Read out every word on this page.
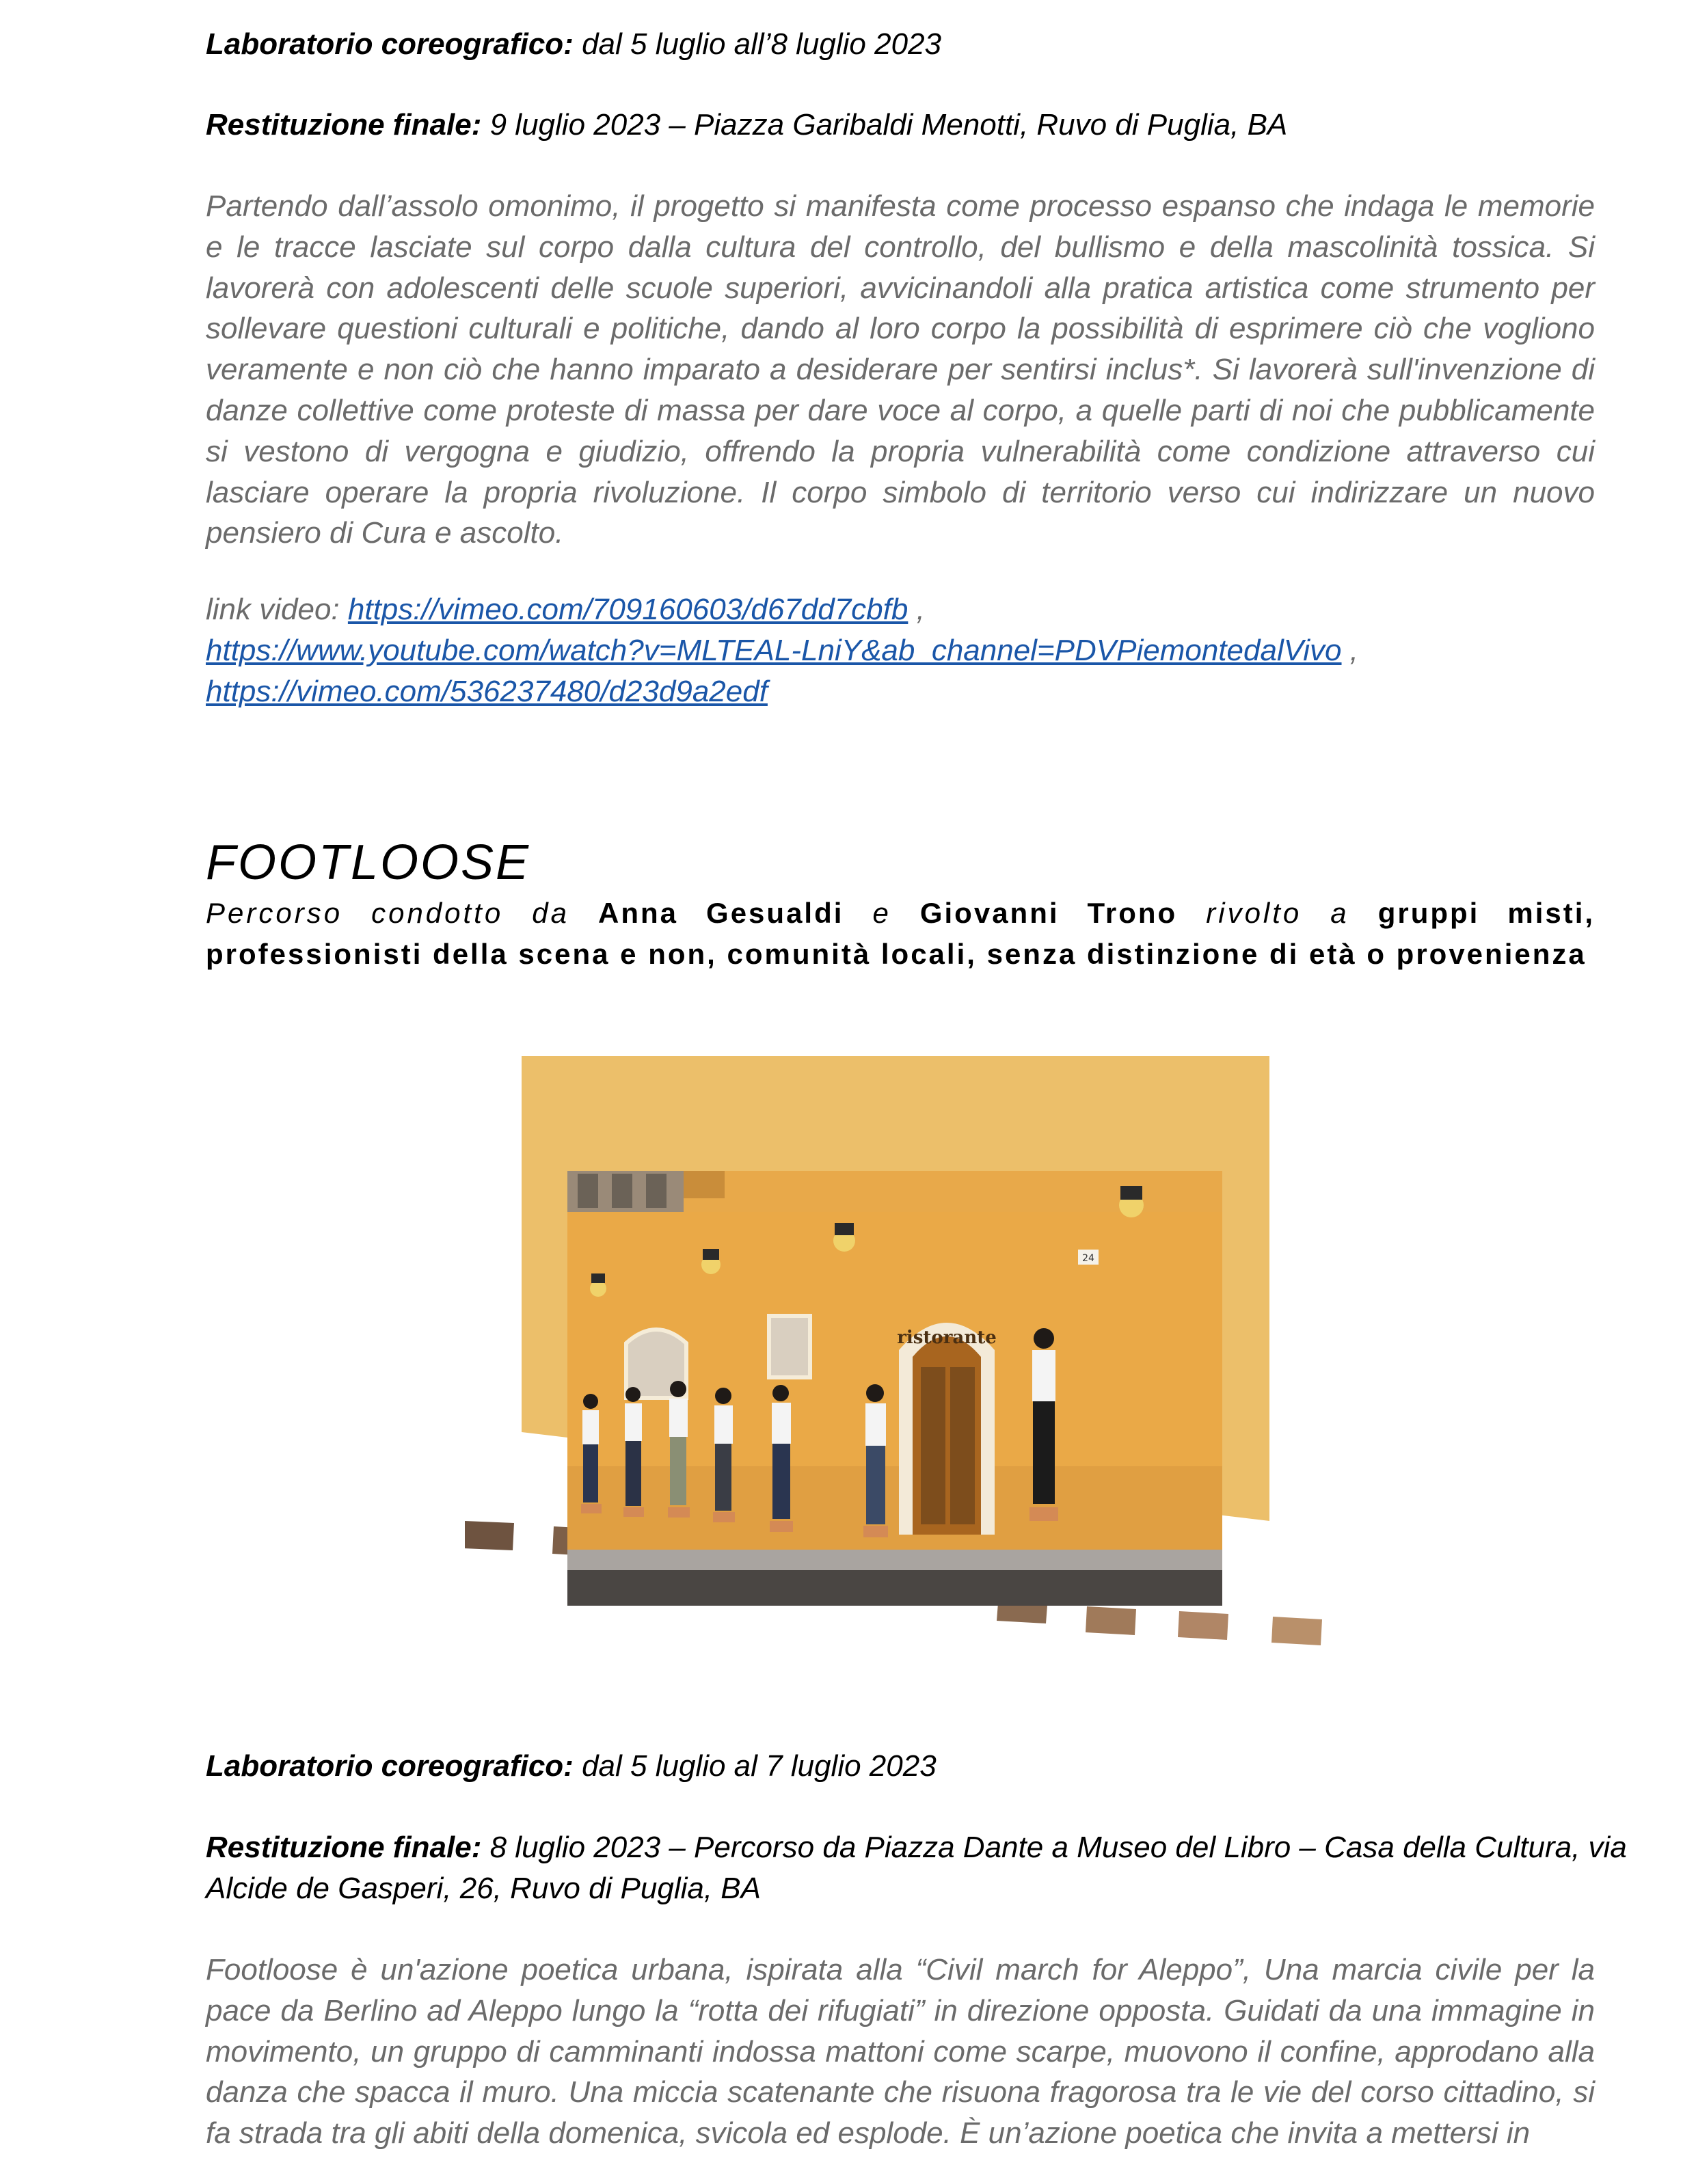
Laboratorio coreografico: dal 5 luglio all’8 luglio 2023
Restituzione finale: 9 luglio 2023 – Piazza Garibaldi Menotti, Ruvo di Puglia, BA
Partendo dall’assolo omonimo, il progetto si manifesta come processo espanso che indaga le memorie e le tracce lasciate sul corpo dalla cultura del controllo, del bullismo e della mascolinità tossica. Si lavorerà con adolescenti delle scuole superiori, avvicinandoli alla pratica artistica come strumento per sollevare questioni culturali e politiche, dando al loro corpo la possibilità di esprimere ciò che vogliono veramente e non ciò che hanno imparato a desiderare per sentirsi inclus*. Si lavorerà sull'invenzione di danze collettive come proteste di massa per dare voce al corpo, a quelle parti di noi che pubblicamente si vestono di vergogna e giudizio, offrendo la propria vulnerabilità come condizione attraverso cui lasciare operare la propria rivoluzione. Il corpo simbolo di territorio verso cui indirizzare un nuovo pensiero di Cura e ascolto.
link video: https://vimeo.com/709160603/d67dd7cbfb ,
https://www.youtube.com/watch?v=MLTEAL-LniY&ab_channel=PDVPiemontedalVivo ,
https://vimeo.com/536237480/d23d9a2edf
FOOTLOOSE
Percorso condotto da Anna Gesualdi e Giovanni Trono rivolto a gruppi misti,
professionisti della scena e non, comunità locali, senza distinzione di età o provenienza
ristorante
24
Laboratorio coreografico: dal 5 luglio al 7 luglio 2023
Restituzione finale: 8 luglio 2023 – Percorso da Piazza Dante a Museo del Libro – Casa della Cultura, via
Alcide de Gasperi, 26, Ruvo di Puglia, BA
Footloose è un'azione poetica urbana, ispirata alla “Civil march for Aleppo”, Una marcia civile per la pace da Berlino ad Aleppo lungo la “rotta dei rifugiati” in direzione opposta. Guidati da una immagine in movimento, un gruppo di camminanti indossa mattoni come scarpe, muovono il confine, approdano alla danza che spacca il muro. Una miccia scatenante che risuona fragorosa tra le vie del corso cittadino, si fa strada tra gli abiti della domenica, svicola ed esplode. È un’azione poetica che invita a mettersi in
